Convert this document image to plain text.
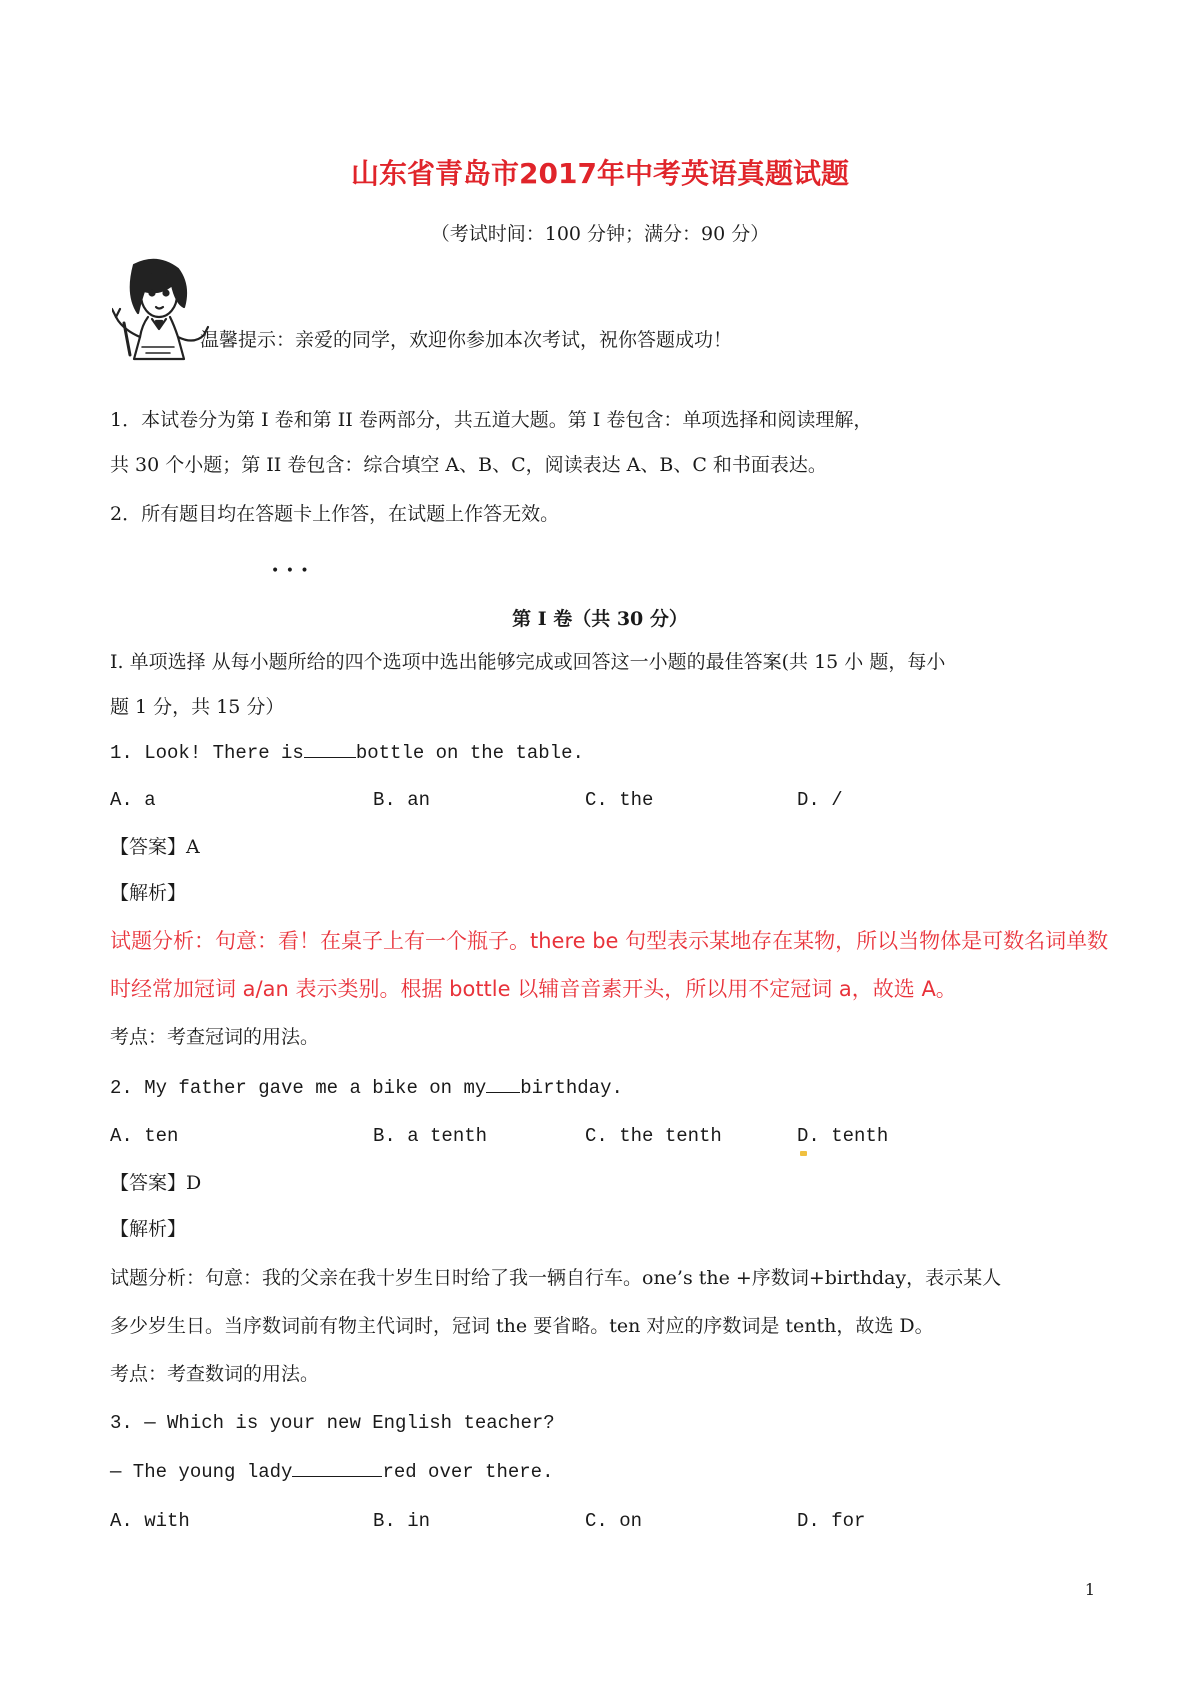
山东省青岛市2017年中考英语真题试题
（考试时间：100 分钟；满分：90 分）
温馨提示：亲爱的同学，欢迎你参加本次考试，祝你答题成功！
1．本试卷分为第 I 卷和第 II 卷两部分，共五道大题。第 I 卷包含：单项选择和阅读理解，
共 30 个小题；第 II 卷包含：综合填空 A、B、C，阅读表达 A、B、C 和书面表达。
2．所有题目均在答题卡上作答，在试题上作答无效。
• • •
第 I 卷（共 30 分）
I. 单项选择 从每小题所给的四个选项中选出能够完成或回答这一小题的最佳答案(共 15 小 题，每小
题 1 分，共 15 分）
1. Look! There is	bottle on the table.
A. a	B. an	C. the	D. /
【答案】A
【解析】
试题分析：句意：看！在桌子上有一个瓶子。there be 句型表示某地存在某物，所以当物体是可数名词单数
时经常加冠词 a/an 表示类别。根据 bottle 以辅音音素开头，所以用不定冠词 a，故选 A。
考点：考查冠词的用法。
2. My father gave me a bike on my birthday.
A. ten	B. a tenth	C. the tenth	D. tenth
【答案】D
【解析】
试题分析：句意：我的父亲在我十岁生日时给了我一辆自行车。one’s the +序数词+birthday，表示某人
多少岁生日。当序数词前有物主代词时，冠词 the 要省略。ten 对应的序数词是 tenth，故选 D。
考点：考查数词的用法。
3. — Which is your new English teacher?
— The young lady	red over there.
A. with	B. in	C. on	D. for
1
